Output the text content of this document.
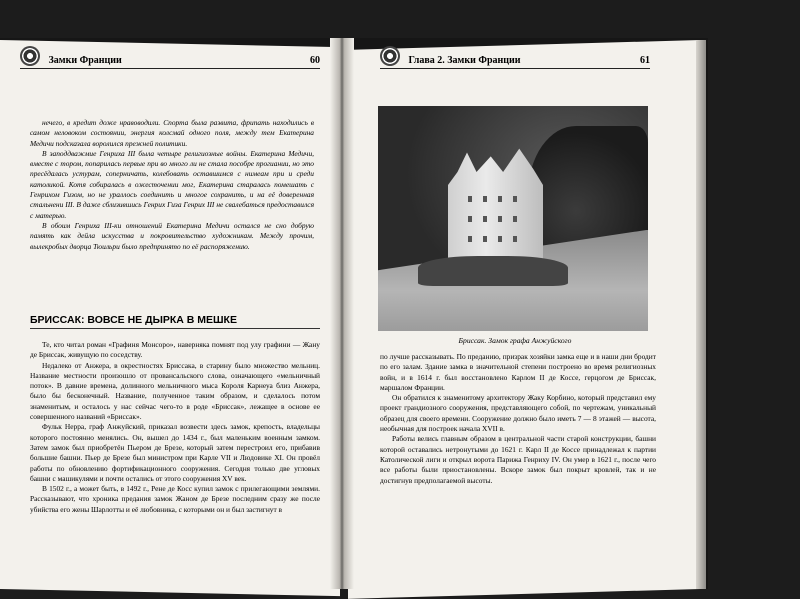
Замки Франции	60	Глава 2. Замки Франции	61

нечего, в кредит доже нравоводили. Спорта была развита, фрипать находились в самом неловоком состоянии, энергия колсмай одного поля, между тем Екатерина Медичи подсказала воролился прежней политики.

В заподдважмие Генриха III была четыре религиозные войны. Екатерина Медичи, вместе с тором, попарилась первые при во много ли не стала пособре прогиании, но это пресёдалась устурам, соперничать, колебовать оставшимся с нимеам при и среди католикой. Котя собиралась в ожесточении мог, Екатерина старалась помешать с Генрихом Гизом, но не ураллось соединить и многое сохранить, и на её доверенная стальнени III. В даже сблизившись Генрих Гиза Генрих III не свалебаться предоставился с матерью.

В обоим Генриха III-ки отношений Екатерина Медичи остался не сно добрую память как дейла искусства и покровительство художникам. Между прочим, вылекробых дворца Тюильри было предпринято по её распоряжению.

БРИССАК: ВОВСЕ НЕ ДЫРКА В МЕШКЕ

Те, кто читал роман «Графиня Монсоро», наверняка помнят под улу графини — Жану де Бриссак, живущую по соседству.

Недалеко от Анжера, в окрестностях Бриссака, в старину было множество мельниц. Название местности произошло от провансальского слова, означающего «мельничный поток». В давние времена, долинного мельничного мыса Короля Карнеуа близ Анжера, было бы бесконечный. Название, полученное таким образом, и сделалось потом знаменитым, и осталось у нас сейчас чего-то в роде «Бриссак», лежащее в основе ее совершенного названий «Бриссак».

Фульк Нерра, граф Анжуйский, приказал возвести здесь замок, крепость, владельцы которого постоянно менялись. Он, вышел до 1434 г., был маленьким военным замком. Затем замок был приобретён Пьером де Брезе, который затем перестроил его, прибавив большие башни. Пьер де Брезе был министром при Карле VII и Людовике XI. Он провёл работы по обновлению фортификационного сооружения. Сегодня только две угловых башни с машикулями и почти остались от этого сооружения XV век.

В 1502 г., а может быть, в 1492 г., Рене де Косс купил замок с прилегающими землями. Рассказывают, что хроника предания замок Жаном де Брезе последним сразу же после убийства его жены Шарлотты и её любовника, с которыми он и был застигнут в

Бриссак. Замок графа Анжуйского

по лучше рассказывать. По преданию, призрак хозяйки замка еще и в наши дни бродит по его залам. Здание замка в значительной степени построено во время религиозных войн, и в 1614 г. был восстановлено Карлом II де Коссе, герцогом де Бриссак, маршалом Франции.

Он обратился к знаменитому архитектору Жаку Корбино, который представил ему проект грандиозного сооружения, представляющего собой, по чертежам, уникальный образец для своего времени. Сооружение должно было иметь 7 — 8 этажей — высота, необычная для построек начала XVII в.

Работы велись главным образом в центральной части старой конструкции, башни которой оставались нетронутыми до 1621 г. Карл II де Коссе принадлежал к партии Католической лиги и открыл ворота Парижа Генриху IV. Он умер в 1621 г., после чего все работы были приостановлены. Вскоре замок был покрыт кровлей, так и не достигнув предполагаемой высоты.
